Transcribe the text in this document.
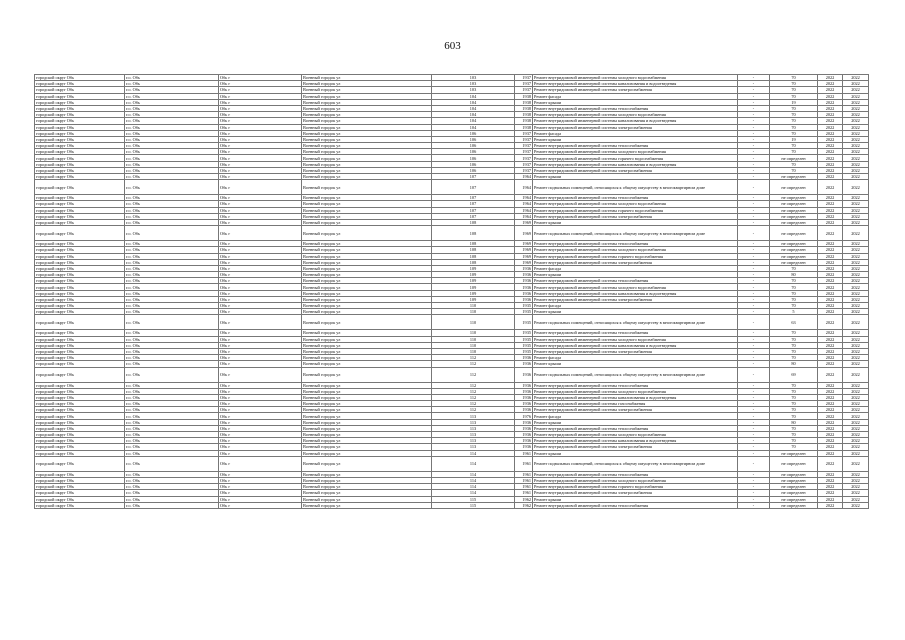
603
городской округ Обь	г.о. Обь	Обь г	Военный городок ул	103	1937	Ремонт внутридомовой инженерной системы холодного водоснабжения	-	70	2022	2022
городской округ Обь	г.о. Обь	Обь г	Военный городок ул	103	1937	Ремонт внутридомовой инженерной системы канализования и водоотведения	-	70	2022	2022
городской округ Обь	г.о. Обь	Обь г	Военный городок ул	103	1937	Ремонт внутридомовой инженерной системы электроснабжения	-	70	2022	2022
городской округ Обь	г.о. Обь	Обь г	Военный городок ул	104	1938	Ремонт фасада	-	70	2022	2022
городской округ Обь	г.о. Обь	Обь г	Военный городок ул	104	1938	Ремонт крыши	-	19	2022	2022
городской округ Обь	г.о. Обь	Обь г	Военный городок ул	104	1938	Ремонт внутридомовой инженерной системы теплоснабжения	-	70	2022	2022
городской округ Обь	г.о. Обь	Обь г	Военный городок ул	104	1938	Ремонт внутридомовой инженерной системы холодного водоснабжения	-	70	2022	2022
городской округ Обь	г.о. Обь	Обь г	Военный городок ул	104	1938	Ремонт внутридомовой инженерной системы канализования и водоотведения	-	70	2022	2022
городской округ Обь	г.о. Обь	Обь г	Военный городок ул	104	1938	Ремонт внутридомовой инженерной системы электроснабжения	-	70	2022	2022
городской округ Обь	г.о. Обь	Обь г	Военный городок ул	106	1937	Ремонт фасада	-	70	2022	2022
городской округ Обь	г.о. Обь	Обь г	Военный городок ул	106	1937	Ремонт крыши	-	19	2022	2022
городской округ Обь	г.о. Обь	Обь г	Военный городок ул	106	1937	Ремонт внутридомовой инженерной системы теплоснабжения	-	70	2022	2022
городской округ Обь	г.о. Обь	Обь г	Военный городок ул	106	1937	Ремонт внутридомовой инженерной системы холодного водоснабжения	-	70	2022	2022
городской округ Обь	г.о. Обь	Обь г	Военный городок ул	106	1937	Ремонт внутридомовой инженерной системы горячего водоснабжения	-	не определен	2022	2022
городской округ Обь	г.о. Обь	Обь г	Военный городок ул	106	1937	Ремонт внутридомовой инженерной системы канализования и водоотведения	-	70	2022	2022
городской округ Обь	г.о. Обь	Обь г	Военный городок ул	106	1937	Ремонт внутридомовой инженерной системы электроснабжения	-	70	2022	2022
городской округ Обь	г.о. Обь	Обь г	Военный городок ул	107	1964	Ремонт крыши	-	не определен	2022	2022
городской округ Обь	г.о. Обь	Обь г	Военный городок ул	107	1964	Ремонт подвальных помещений, относящихся к общему имуществу в многоквартирном доме	-	не определен	2022	2022
городской округ Обь	г.о. Обь	Обь г	Военный городок ул	107	1964	Ремонт внутридомовой инженерной системы теплоснабжения	-	не определен	2022	2022
городской округ Обь	г.о. Обь	Обь г	Военный городок ул	107	1964	Ремонт внутридомовой инженерной системы холодного водоснабжения	-	не определен	2022	2022
городской округ Обь	г.о. Обь	Обь г	Военный городок ул	107	1964	Ремонт внутридомовой инженерной системы горячего водоснабжения	-	не определен	2022	2022
городской округ Обь	г.о. Обь	Обь г	Военный городок ул	107	1964	Ремонт внутридомовой инженерной системы электроснабжения	-	не определен	2022	2022
городской округ Обь	г.о. Обь	Обь г	Военный городок ул	108	1969	Ремонт крыши	-	не определен	2022	2022
городской округ Обь	г.о. Обь	Обь г	Военный городок ул	108	1969	Ремонт подвальных помещений, относящихся к общему имуществу в многоквартирном доме	-	не определен	2022	2022
городской округ Обь	г.о. Обь	Обь г	Военный городок ул	108	1969	Ремонт внутридомовой инженерной системы теплоснабжения	-	не определен	2022	2022
городской округ Обь	г.о. Обь	Обь г	Военный городок ул	108	1969	Ремонт внутридомовой инженерной системы холодного водоснабжения	-	не определен	2022	2022
городской округ Обь	г.о. Обь	Обь г	Военный городок ул	108	1969	Ремонт внутридомовой инженерной системы горячего водоснабжения	-	не определен	2022	2022
городской округ Обь	г.о. Обь	Обь г	Военный городок ул	108	1969	Ремонт внутридомовой инженерной системы электроснабжения	-	не определен	2022	2022
городской округ Обь	г.о. Обь	Обь г	Военный городок ул	109	1936	Ремонт фасада	-	70	2022	2022
городской округ Обь	г.о. Обь	Обь г	Военный городок ул	109	1936	Ремонт крыши	-	80	2022	2022
городской округ Обь	г.о. Обь	Обь г	Военный городок ул	109	1936	Ремонт внутридомовой инженерной системы теплоснабжения	-	70	2022	2022
городской округ Обь	г.о. Обь	Обь г	Военный городок ул	109	1936	Ремонт внутридомовой инженерной системы холодного водоснабжения	-	70	2022	2022
городской округ Обь	г.о. Обь	Обь г	Военный городок ул	109	1936	Ремонт внутридомовой инженерной системы канализования и водоотведения	-	70	2022	2022
городской округ Обь	г.о. Обь	Обь г	Военный городок ул	109	1936	Ремонт внутридомовой инженерной системы электроснабжения	-	70	2022	2022
городской округ Обь	г.о. Обь	Обь г	Военный городок ул	110	1935	Ремонт фасада	-	70	2022	2022
городской округ Обь	г.о. Обь	Обь г	Военный городок ул	110	1935	Ремонт крыши	-	5	2022	2022
городской округ Обь	г.о. Обь	Обь г	Военный городок ул	110	1935	Ремонт подвальных помещений, относящихся к общему имуществу в многоквартирном доме	-	63	2022	2022
городской округ Обь	г.о. Обь	Обь г	Военный городок ул	110	1935	Ремонт внутридомовой инженерной системы теплоснабжения	-	70	2022	2022
городской округ Обь	г.о. Обь	Обь г	Военный городок ул	110	1935	Ремонт внутридомовой инженерной системы холодного водоснабжения	-	70	2022	2022
городской округ Обь	г.о. Обь	Обь г	Военный городок ул	110	1935	Ремонт внутридомовой инженерной системы канализования и водоотведения	-	70	2022	2022
городской округ Обь	г.о. Обь	Обь г	Военный городок ул	110	1935	Ремонт внутридомовой инженерной системы электроснабжения	-	70	2022	2022
городской округ Обь	г.о. Обь	Обь г	Военный городок ул	112	1936	Ремонт фасада	-	70	2022	2022
городской округ Обь	г.о. Обь	Обь г	Военный городок ул	112	1936	Ремонт крыши	-	80	2022	2022
городской округ Обь	г.о. Обь	Обь г	Военный городок ул	112	1936	Ремонт подвальных помещений, относящихся к общему имуществу в многоквартирном доме	-	69	2022	2022
городской округ Обь	г.о. Обь	Обь г	Военный городок ул	112	1936	Ремонт внутридомовой инженерной системы теплоснабжения	-	70	2022	2022
городской округ Обь	г.о. Обь	Обь г	Военный городок ул	112	1936	Ремонт внутридомовой инженерной системы холодного водоснабжения	-	70	2022	2022
городской округ Обь	г.о. Обь	Обь г	Военный городок ул	112	1936	Ремонт внутридомовой инженерной системы канализования и водоотведения	-	70	2022	2022
городской округ Обь	г.о. Обь	Обь г	Военный городок ул	112	1936	Ремонт внутридомовой инженерной системы газоснабжения	-	70	2022	2022
городской округ Обь	г.о. Обь	Обь г	Военный городок ул	112	1936	Ремонт внутридомовой инженерной системы электроснабжения	-	70	2022	2022
городской округ Обь	г.о. Обь	Обь г	Военный городок ул	113	1976	Ремонт фасада	-	70	2022	2022
городской округ Обь	г.о. Обь	Обь г	Военный городок ул	113	1936	Ремонт крыши	-	80	2022	2022
городской округ Обь	г.о. Обь	Обь г	Военный городок ул	113	1936	Ремонт внутридомовой инженерной системы теплоснабжения	-	70	2022	2022
городской округ Обь	г.о. Обь	Обь г	Военный городок ул	113	1936	Ремонт внутридомовой инженерной системы холодного водоснабжения	-	70	2022	2022
городской округ Обь	г.о. Обь	Обь г	Военный городок ул	113	1936	Ремонт внутридомовой инженерной системы канализования и водоотведения	-	70	2022	2022
городской округ Обь	г.о. Обь	Обь г	Военный городок ул	113	1936	Ремонт внутридомовой инженерной системы электроснабжения	-	70	2022	2022
городской округ Обь	г.о. Обь	Обь г	Военный городок ул	114	1961	Ремонт крыши	-	не определен	2022	2022
городской округ Обь	г.о. Обь	Обь г	Военный городок ул	114	1961	Ремонт подвальных помещений, относящихся к общему имуществу в многоквартирном доме	-	не определен	2022	2022
городской округ Обь	г.о. Обь	Обь г	Военный городок ул	114	1961	Ремонт внутридомовой инженерной системы теплоснабжения	-	не определен	2022	2022
городской округ Обь	г.о. Обь	Обь г	Военный городок ул	114	1961	Ремонт внутридомовой инженерной системы холодного водоснабжения	-	не определен	2022	2022
городской округ Обь	г.о. Обь	Обь г	Военный городок ул	114	1961	Ремонт внутридомовой инженерной системы горячего водоснабжения	-	не определен	2022	2022
городской округ Обь	г.о. Обь	Обь г	Военный городок ул	114	1961	Ремонт внутридомовой инженерной системы электроснабжения	-	не определен	2022	2022
городской округ Обь	г.о. Обь	Обь г	Военный городок ул	115	1962	Ремонт крыши	-	не определен	2022	2022
городской округ Обь	г.о. Обь	Обь г	Военный городок ул	115	1962	Ремонт внутридомовой инженерной системы теплоснабжения	-	не определен	2022	2022
